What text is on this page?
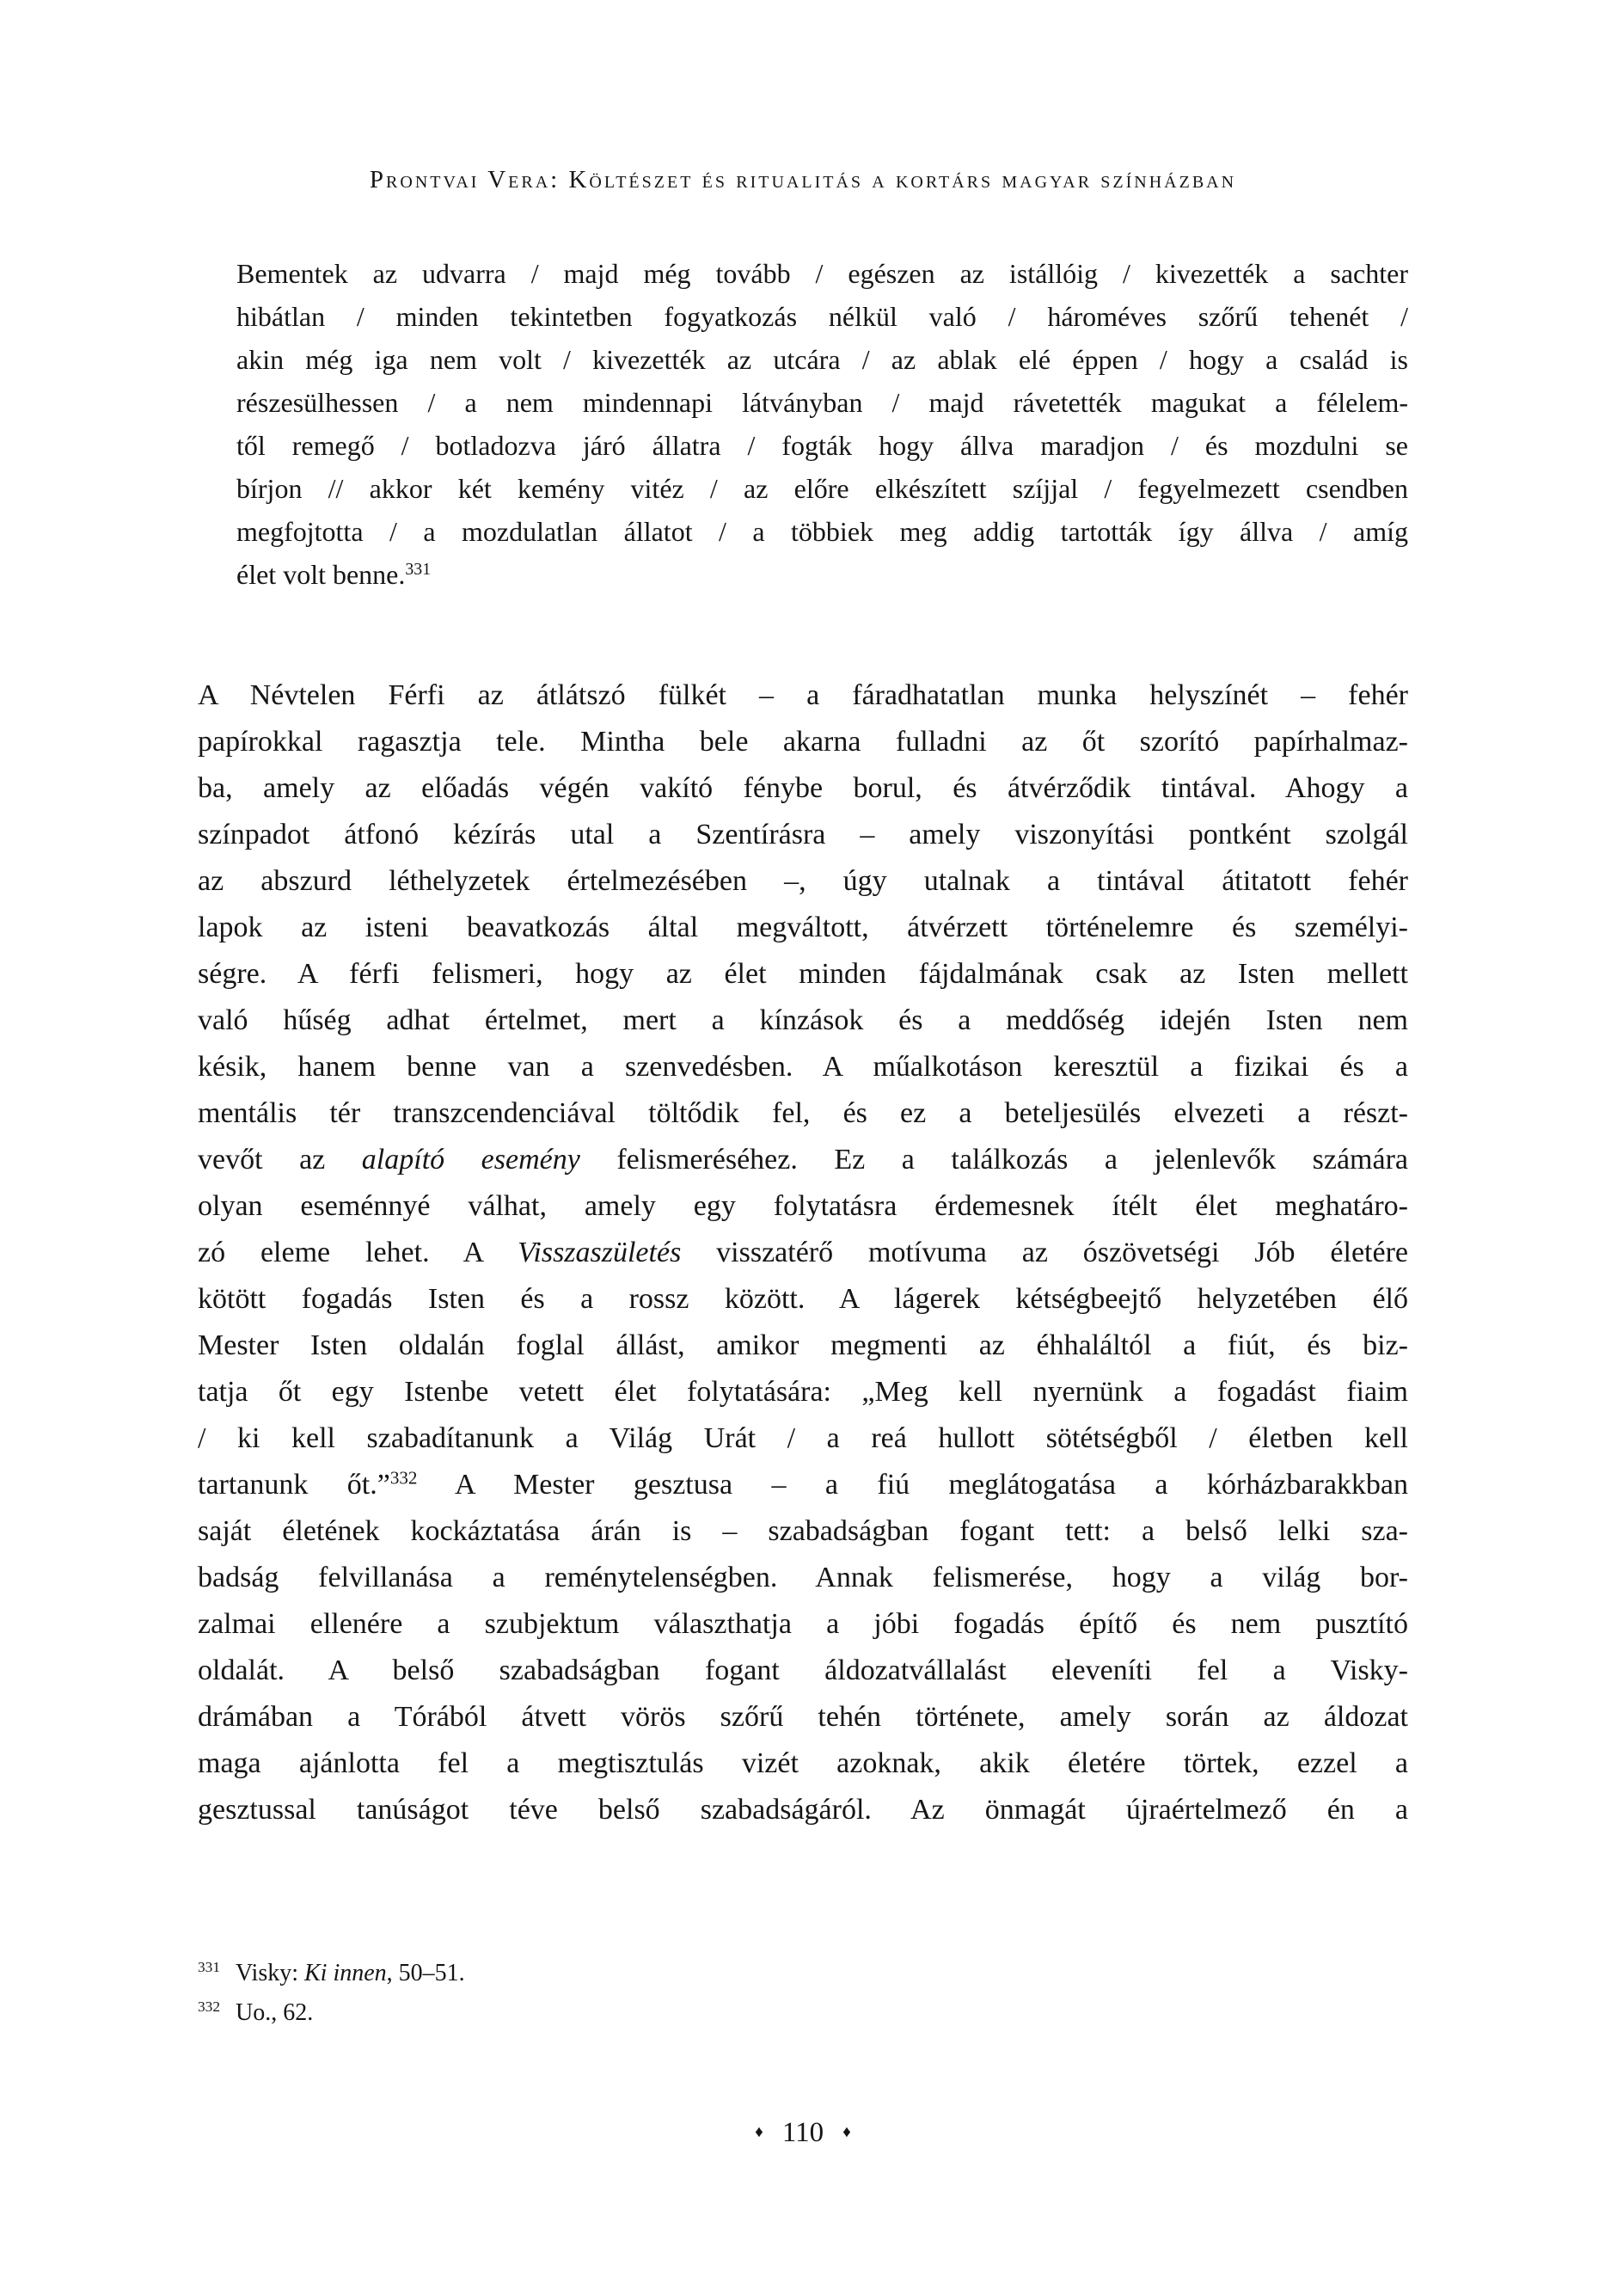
Prontvai Vera: Költészet és ritualitás a kortárs magyar színházban
Bementek az udvarra / majd még tovább / egészen az istállóig / kivezették a sachter
hibátlan / minden tekintetben fogyatkozás nélkül való / hároméves szőrű tehenét /
akin még iga nem volt / kivezették az utcára / az ablak elé éppen / hogy a család is
részesülhessen / a nem mindennapi látványban / majd rávetették magukat a félelem-
től remegő / botladozva járó állatra / fogták hogy állva maradjon / és mozdulni se
bírjon // akkor két kemény vitéz / az előre elkészített szíjjal / fegyelmezett csendben
megfojtotta / a mozdulatlan állatot / a többiek meg addig tartották így állva / amíg
élet volt benne.$^{331}$
A Névtelen Férfi az átlátszó fülkét – a fáradhatatlan munka helyszínét – fehér
papírokkal ragasztja tele. Mintha bele akarna fulladni az őt szorító papírhalmaz-
ba, amely az előadás végén vakító fénybe borul, és átvérződik tintával. Ahogy a
színpadot átfonó kézírás utal a Szentírásra – amely viszonyítási pontként szolgál
az abszurd léthelyzetek értelmezésében –, úgy utalnak a tintával átitatott fehér
lapok az isteni beavatkozás által megváltott, átvérzett történelemre és személyi-
ségre. A férfi felismeri, hogy az élet minden fájdalmának csak az Isten mellett
való hűség adhat értelmet, mert a kínzások és a meddőség idején Isten nem
késik, hanem benne van a szenvedésben. A műalkotáson keresztül a fizikai és a
mentális tér transzcendenciával töltődik fel, és ez a beteljesülés elvezeti a részt-
vevőt az alapító esemény felismeréséhez. Ez a találkozás a jelenlevők számára
olyan eseménnyé válhat, amely egy folytatásra érdemesnek ítélt élet meghatáro-
zó eleme lehet. A Visszaszületés visszatérő motívuma az ószövetségi Jób életére
kötött fogadás Isten és a rossz között. A lágerek kétségbeejtő helyzetében élő
Mester Isten oldalán foglal állást, amikor megmenti az éhhaláltól a fiút, és biz-
tatja őt egy Istenbe vetett élet folytatására: „Meg kell nyernünk a fogadást fiaim
/ ki kell szabadítanunk a Világ Urát / a reá hullott sötétségből / életben kell
tartanunk őt.”$^{332}$ A Mester gesztusa – a fiú meglátogatása a kórházbarakkban
saját életének kockáztatása árán is – szabadságban fogant tett: a belső lelki sza-
badság felvillanása a reménytelenségben. Annak felismerése, hogy a világ bor-
zalmai ellenére a szubjektum választhatja a jóbi fogadás építő és nem pusztító
oldalát. A belső szabadságban fogant áldozatvállalást eleveníti fel a Visky-
drámában a Tórából átvett vörös szőrű tehén története, amely során az áldozat
maga ajánlotta fel a megtisztulás vizét azoknak, akik életére törtek, ezzel a
gesztussal tanúságot téve belső szabadságáról. Az önmagát újraértelmező én a
331 Visky: Ki innen, 50–51.
332 Uo., 62.
♦ 110 ♦
